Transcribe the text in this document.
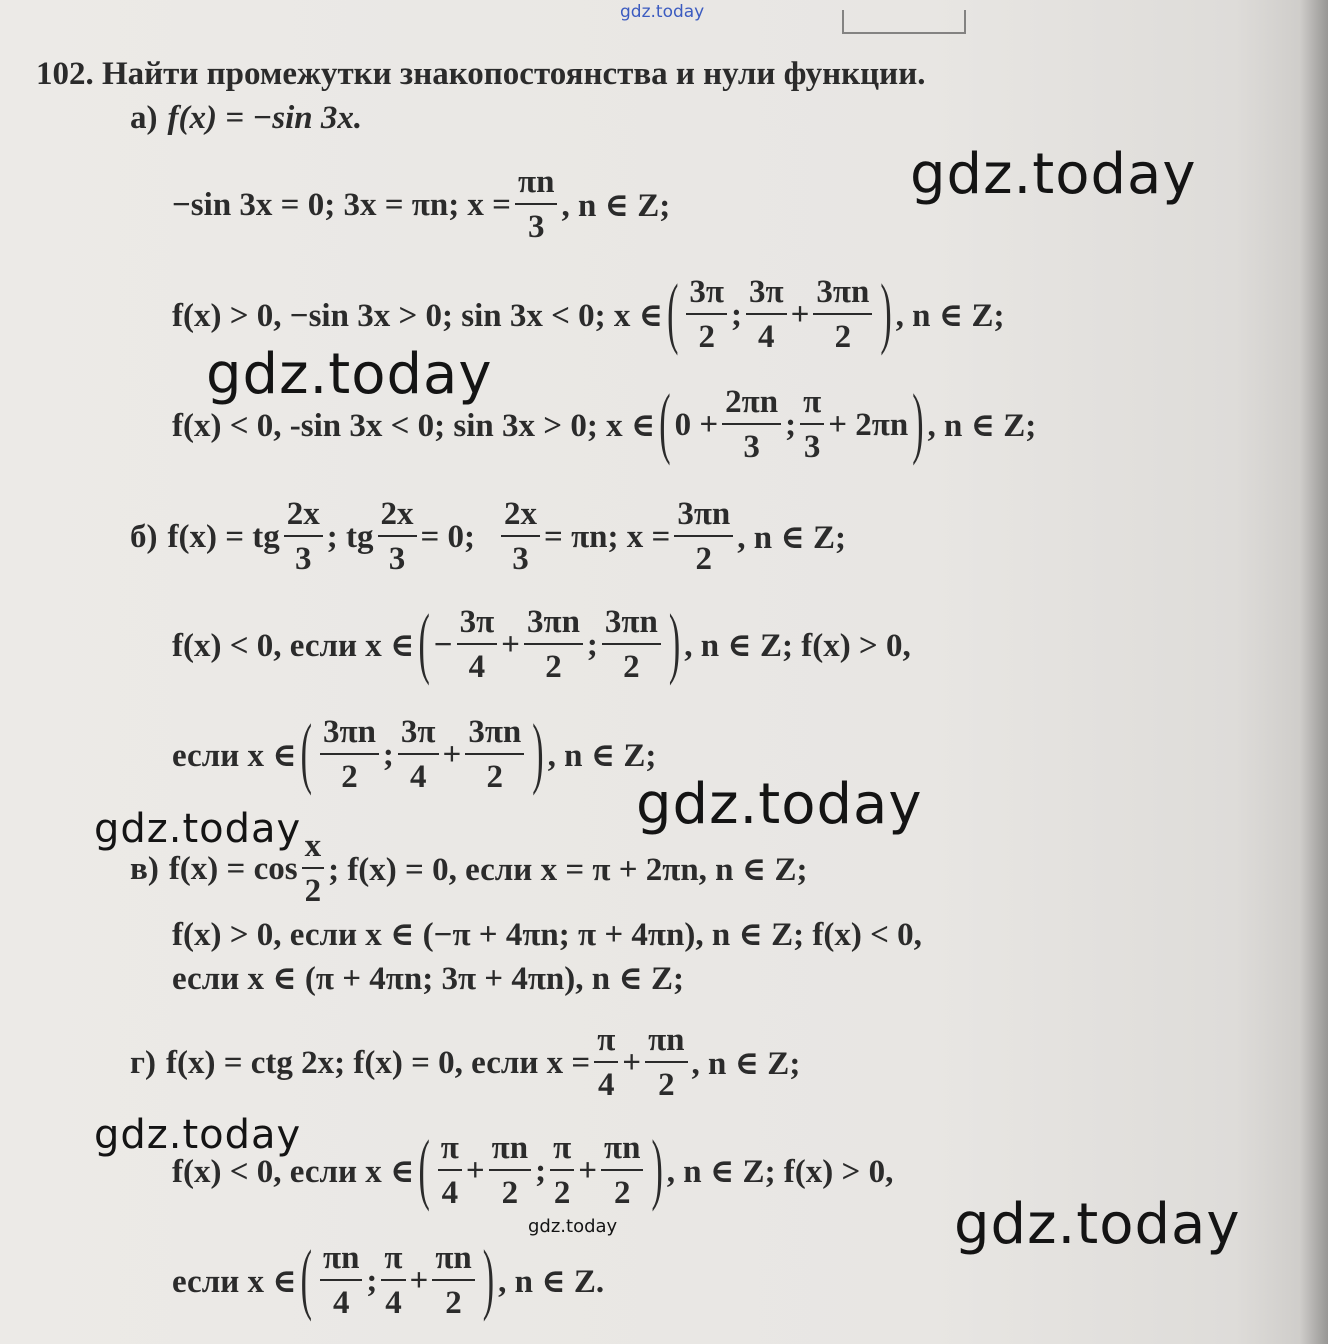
gdz.today
102. Найти промежутки знакопостоянства и нули функции.
а) f(x) = −sin 3x.
−sin 3x = 0; 3x = πn; $x = \frac{\pi n}{3}$ , n ∈ Z;
f(x) > 0, −sin 3x > 0; sin 3x < 0; x ∈ ( $\frac{3\pi}{2}$ ; $\frac{3\pi}{4} + \frac{3\pi n}{2}$ ) , n ∈ Z;
f(x) < 0, -sin 3x < 0; sin 3x > 0; x ∈ ( $0 + \frac{2\pi n}{3}$ ; $\frac{\pi}{3} + 2\pi n$ ) , n ∈ Z;
б) f(x) = tg $\frac{2x}{3}$ ; tg $\frac{2x}{3} = 0$; $\frac{2x}{3} = \pi n$; $x = \frac{3\pi n}{2}$ , n ∈ Z;
f(x) < 0, если x ∈ ( − $\frac{3\pi}{4} + \frac{3\pi n}{2}$ ; $\frac{3\pi n}{2}$ ) , n ∈ Z; f(x) > 0,
если x ∈ ( $\frac{3\pi n}{2}$ ; $\frac{3\pi}{4} + \frac{3\pi n}{2}$ ) , n ∈ Z;
в) $f(x) = \cos \frac{x}{2}$ ; f(x) = 0, если x = π + 2πn, n ∈ Z;
f(x) > 0, если x ∈ (−π + 4πn; π + 4πn), n ∈ Z; f(x) < 0,
если x ∈ (π + 4πn; 3π + 4πn), n ∈ Z;
г) f(x) = ctg 2x; f(x) = 0, если $x = \frac{\pi}{4} + \frac{\pi n}{2}$ , n ∈ Z;
f(x) < 0, если x ∈ ( $\frac{\pi}{4} + \frac{\pi n}{2}$ ; $\frac{\pi}{2} + \frac{\pi n}{2}$ ) , n ∈ Z; f(x) > 0,
если x ∈ ( $\frac{\pi n}{4}$ ; $\frac{\pi}{4} + \frac{\pi n}{2}$ ) , n ∈ Z.
gdz.today
gdz.today
gdz.today
gdz.today
gdz.today
gdz.today	gdz.today
